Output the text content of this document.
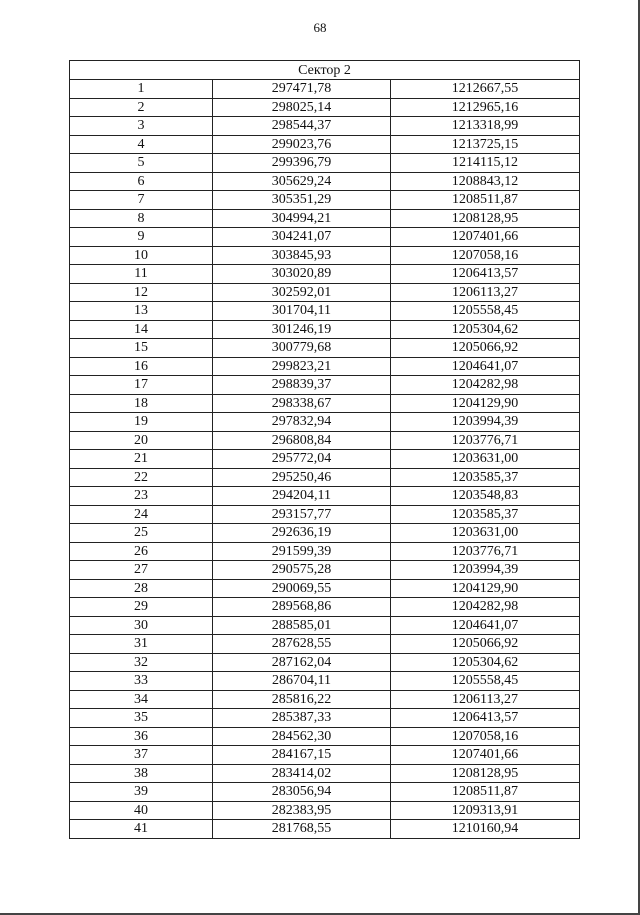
68
Сектор 2		
1	297471,78	1212667,55
2	298025,14	1212965,16
3	298544,37	1213318,99
4	299023,76	1213725,15
5	299396,79	1214115,12
6	305629,24	1208843,12
7	305351,29	1208511,87
8	304994,21	1208128,95
9	304241,07	1207401,66
10	303845,93	1207058,16
11	303020,89	1206413,57
12	302592,01	1206113,27
13	301704,11	1205558,45
14	301246,19	1205304,62
15	300779,68	1205066,92
16	299823,21	1204641,07
17	298839,37	1204282,98
18	298338,67	1204129,90
19	297832,94	1203994,39
20	296808,84	1203776,71
21	295772,04	1203631,00
22	295250,46	1203585,37
23	294204,11	1203548,83
24	293157,77	1203585,37
25	292636,19	1203631,00
26	291599,39	1203776,71
27	290575,28	1203994,39
28	290069,55	1204129,90
29	289568,86	1204282,98
30	288585,01	1204641,07
31	287628,55	1205066,92
32	287162,04	1205304,62
33	286704,11	1205558,45
34	285816,22	1206113,27
35	285387,33	1206413,57
36	284562,30	1207058,16
37	284167,15	1207401,66
38	283414,02	1208128,95
39	283056,94	1208511,87
40	282383,95	1209313,91
41	281768,55	1210160,94
